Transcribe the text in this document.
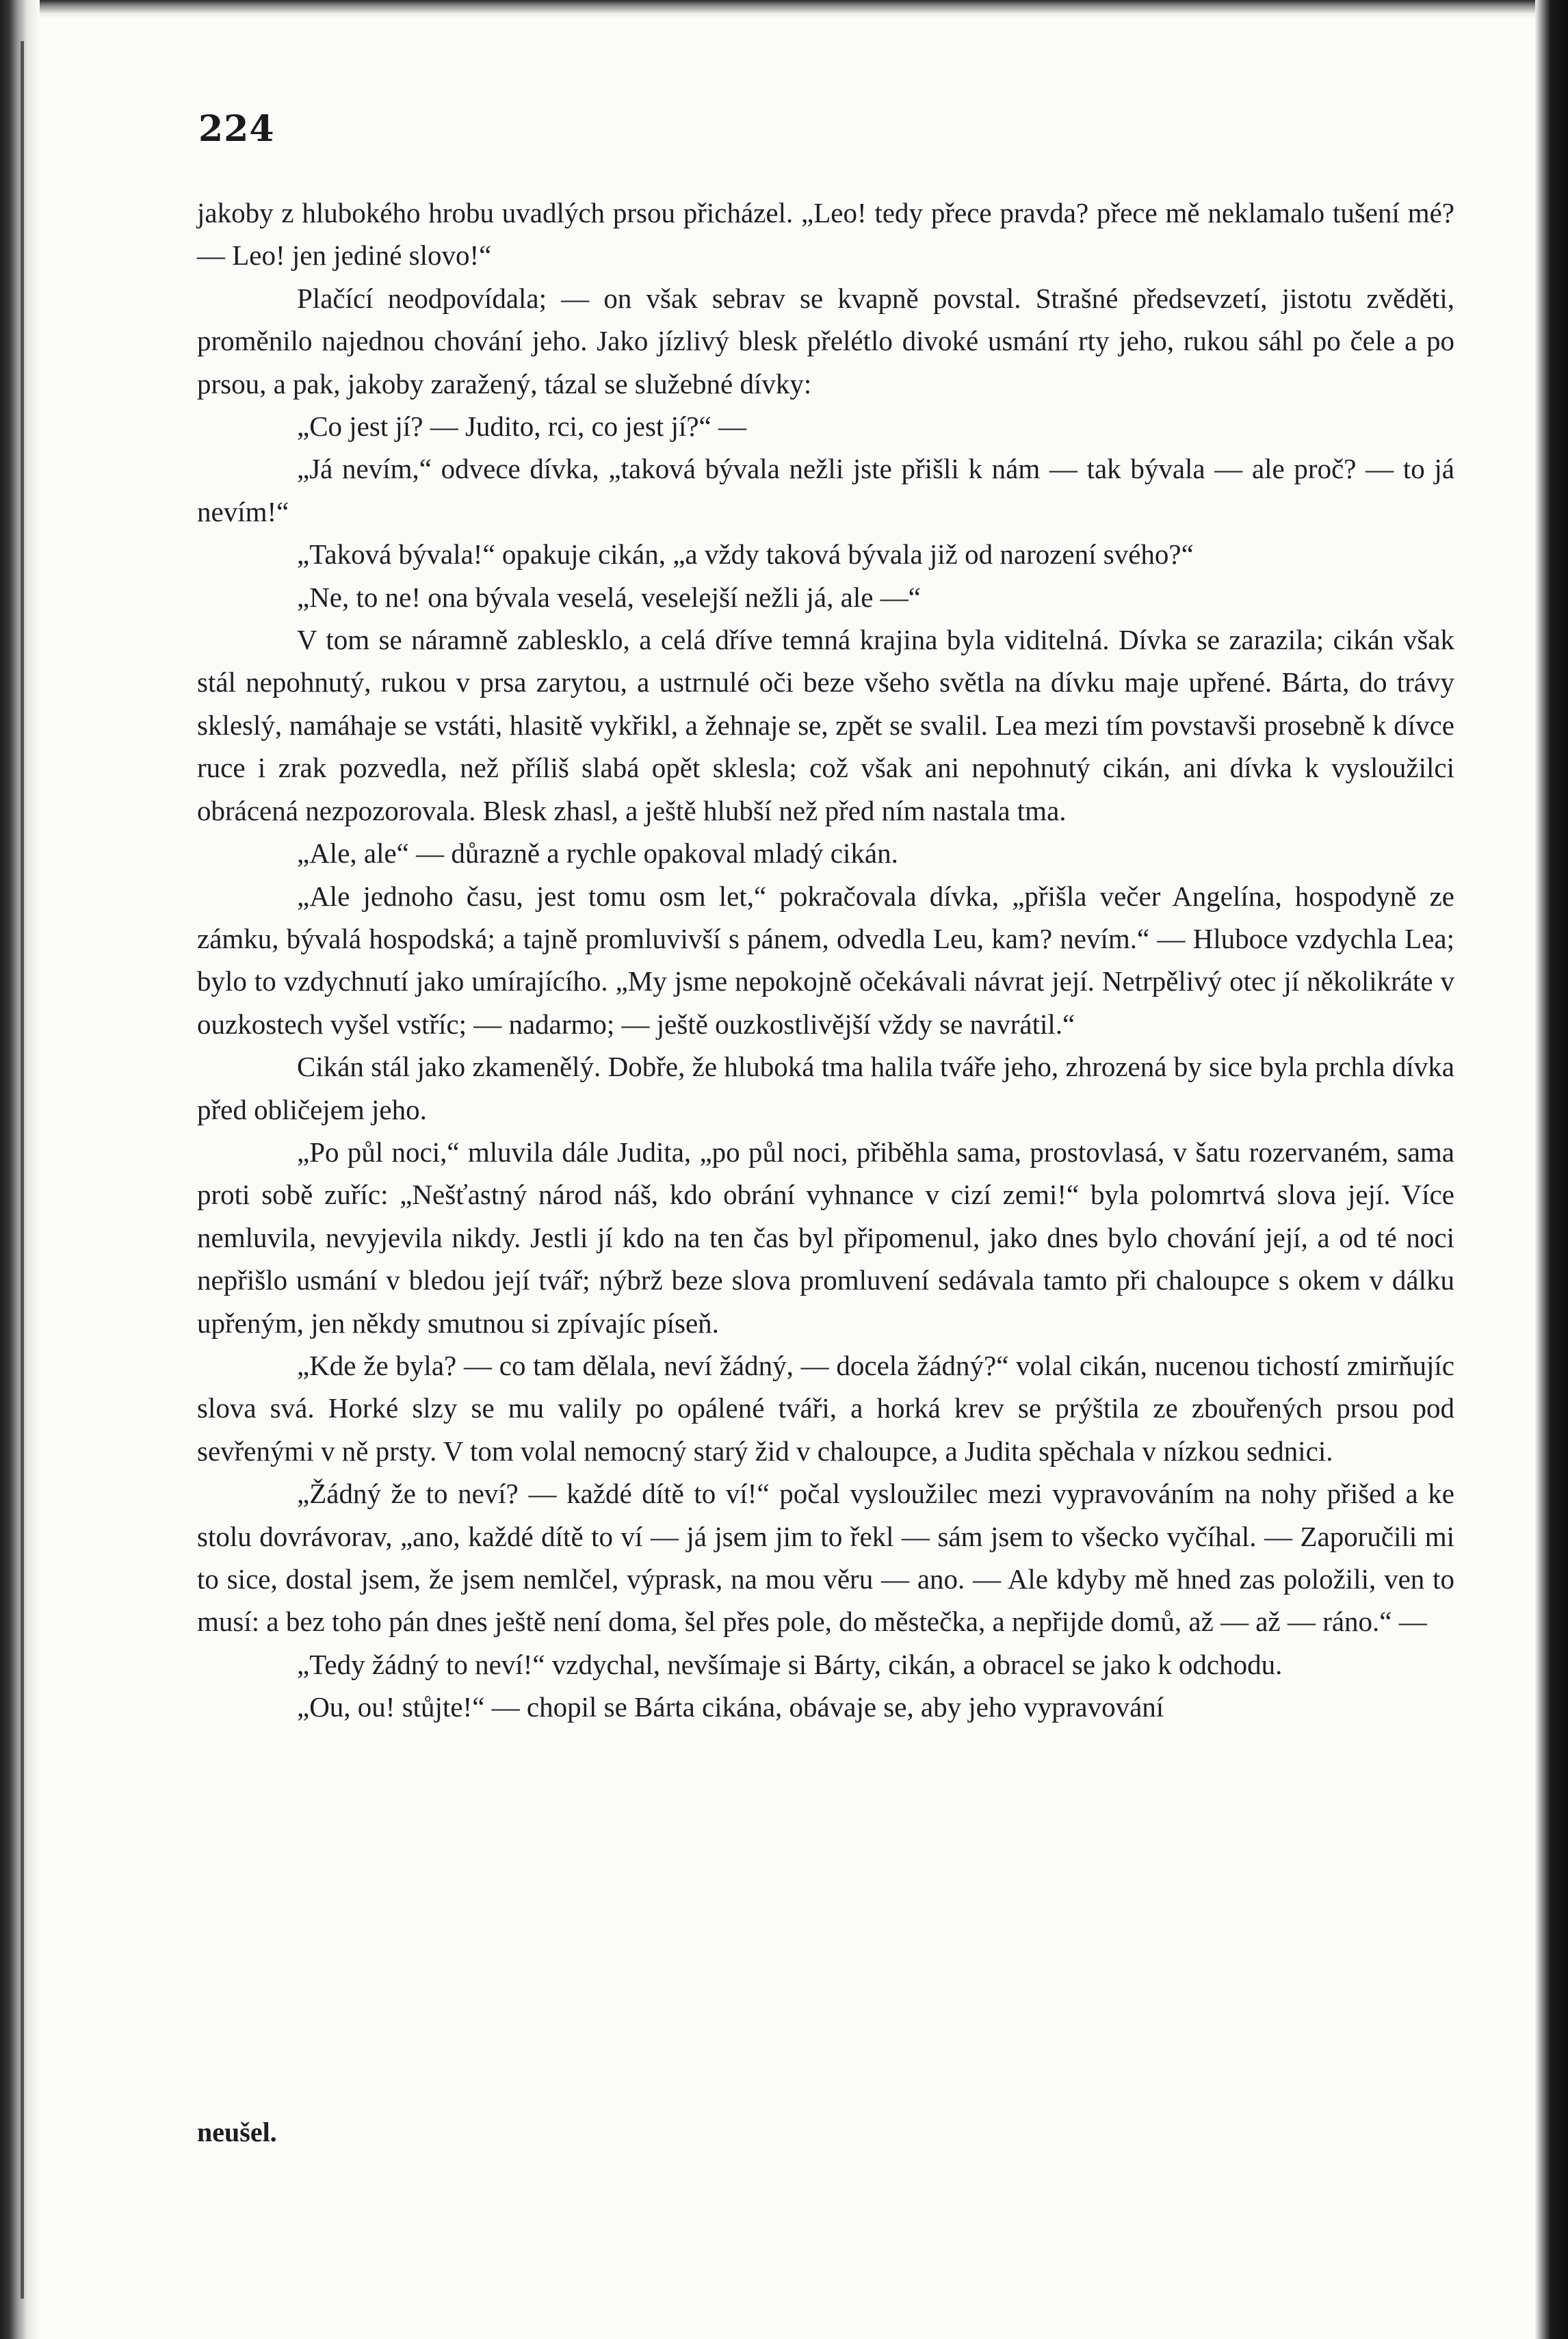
224

jakoby z hlubokého hrobu uvadlých prsou přicházel. „Leo! tedy přece pravda? přece mě neklamalo tušení mé? — Leo! jen jediné slovo!“

Plačící neodpovídala; — on však sebrav se kvapně povstal. Strašné předsevzetí, jistotu zvěděti, proměnilo najednou chování jeho. Jako jízlivý blesk přelétlo divoké usmání rty jeho, rukou sáhl po čele a po prsou, a pak, jakoby zaražený, tázal se služebné dívky:

„Co jest jí? — Judito, rci, co jest jí?“ —

„Já nevím,“ odvece dívka, „taková bývala nežli jste přišli k nám — tak bývala — ale proč? — to já nevím!“

„Taková bývala!“ opakuje cikán, „a vždy taková bývala již od narození svého?“

„Ne, to ne! ona bývala veselá, veselejší nežli já, ale —“

V tom se náramně zablesklo, a celá dříve temná krajina byla viditelná. Dívka se zarazila; cikán však stál nepohnutý, rukou v prsa zarytou, a ustrnulé oči beze všeho světla na dívku maje upřené. Bárta, do trávy skleslý, namáhaje se vstáti, hlasitě vykřikl, a žehnaje se, zpět se svalil. Lea mezi tím povstavši prosebně k dívce ruce i zrak pozvedla, než příliš slabá opět sklesla; což však ani nepohnutý cikán, ani dívka k vysloužilci obrácená nezpozorovala. Blesk zhasl, a ještě hlubší než před ním nastala tma.

„Ale, ale“ — důrazně a rychle opakoval mladý cikán.

„Ale jednoho času, jest tomu osm let,“ pokračovala dívka, „přišla večer Angelína, hospodyně ze zámku, bývalá hospodská; a tajně promluvivší s pánem, odvedla Leu, kam? nevím.“ — Hluboce vzdychla Lea; bylo to vzdychnutí jako umírajícího. „My jsme nepokojně očekávali návrat její. Netrpělivý otec jí několikráte v ouzkostech vyšel vstříc; — nadarmo; — ještě ouzkostlivější vždy se navrátil.“

Cikán stál jako zkamenělý. Dobře, že hluboká tma halila tváře jeho, zhrozená by sice byla prchla dívka před obličejem jeho.

„Po půl noci,“ mluvila dále Judita, „po půl noci, přiběhla sama, prostovlasá, v šatu rozervaném, sama proti sobě zuříc: „Nešťastný národ náš, kdo obrání vyhnance v cizí zemi!“ byla polomrtvá slova její. Více nemluvila, nevyjevila nikdy. Jestli jí kdo na ten čas byl připomenul, jako dnes bylo chování její, a od té noci nepřišlo usmání v bledou její tvář; nýbrž beze slova promluvení sedávala tamto při chaloupce s okem v dálku upřeným, jen někdy smutnou si zpívajíc píseň.

„Kde že byla? — co tam dělala, neví žádný, — docela žádný?“ volal cikán, nucenou tichostí zmirňujíc slova svá. Horké slzy se mu valily po opálené tváři, a horká krev se prýštila ze zbouřených prsou pod sevřenými v ně prsty. V tom volal nemocný starý žid v chaloupce, a Judita spěchala v nízkou sednici.

„Žádný že to neví? — každé dítě to ví!“ počal vysloužilec mezi vypravováním na nohy přišed a ke stolu dovrávorav, „ano, každé dítě to ví — já jsem jim to řekl — sám jsem to všecko vyčíhal. — Zaporučili mi to sice, dostal jsem, že jsem nemlčel, výprask, na mou věru — ano. — Ale kdyby mě hned zas položili, ven to musí: a bez toho pán dnes ještě není doma, šel přes pole, do městečka, a nepřijde domů, až — až — ráno.“ —

„Tedy žádný to neví!“ vzdychal, nevšímaje si Bárty, cikán, a obracel se jako k odchodu.

„Ou, ou! stůjte!“ — chopil se Bárta cikána, obávaje se, aby jeho vypravování

neušel.
